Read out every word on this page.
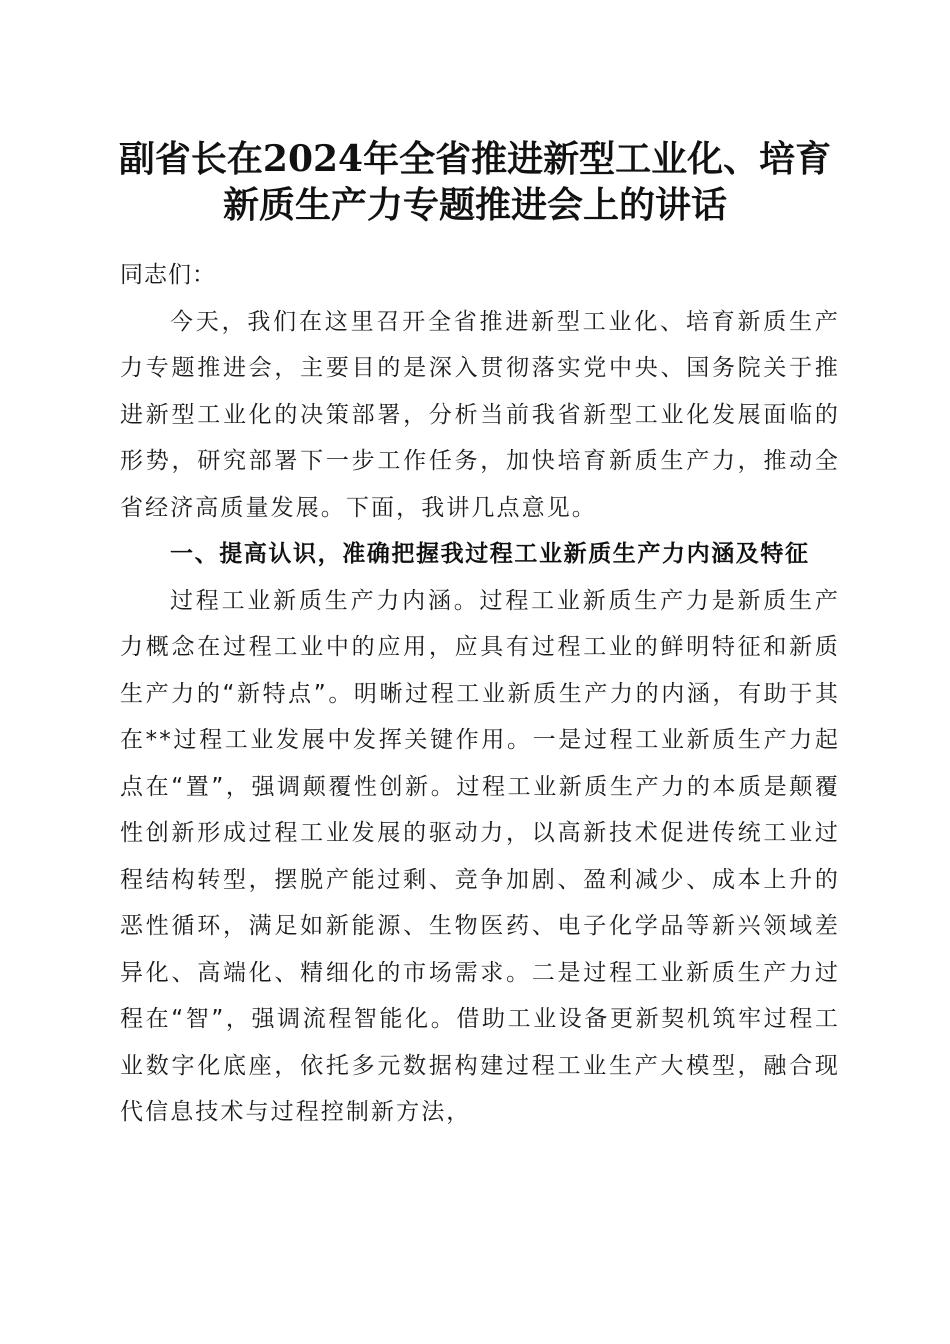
副省长在2024年全省推进新型工业化、培育
新质生产力专题推进会上的讲话

同志们：

今天，我们在这里召开全省推进新型工业化、培育新质生产力专题推进会，主要目的是深入贯彻落实党中央、国务院关于推进新型工业化的决策部署，分析当前我省新型工业化发展面临的形势，研究部署下一步工作任务，加快培育新质生产力，推动全省经济高质量发展。下面，我讲几点意见。

一、提高认识，准确把握我过程工业新质生产力内涵及特征

过程工业新质生产力内涵。过程工业新质生产力是新质生产力概念在过程工业中的应用，应具有过程工业的鲜明特征和新质生产力的“新特点”。明晰过程工业新质生产力的内涵，有助于其在**过程工业发展中发挥关键作用。一是过程工业新质生产力起点在“置”，强调颠覆性创新。过程工业新质生产力的本质是颠覆性创新形成过程工业发展的驱动力，以高新技术促进传统工业过程结构转型，摆脱产能过剩、竞争加剧、盈利减少、成本上升的恶性循环，满足如新能源、生物医药、电子化学品等新兴领域差异化、高端化、精细化的市场需求。二是过程工业新质生产力过程在“智”，强调流程智能化。借助工业设备更新契机筑牢过程工业数字化底座，依托多元数据构建过程工业生产大模型，融合现代信息技术与过程控制新方法，
